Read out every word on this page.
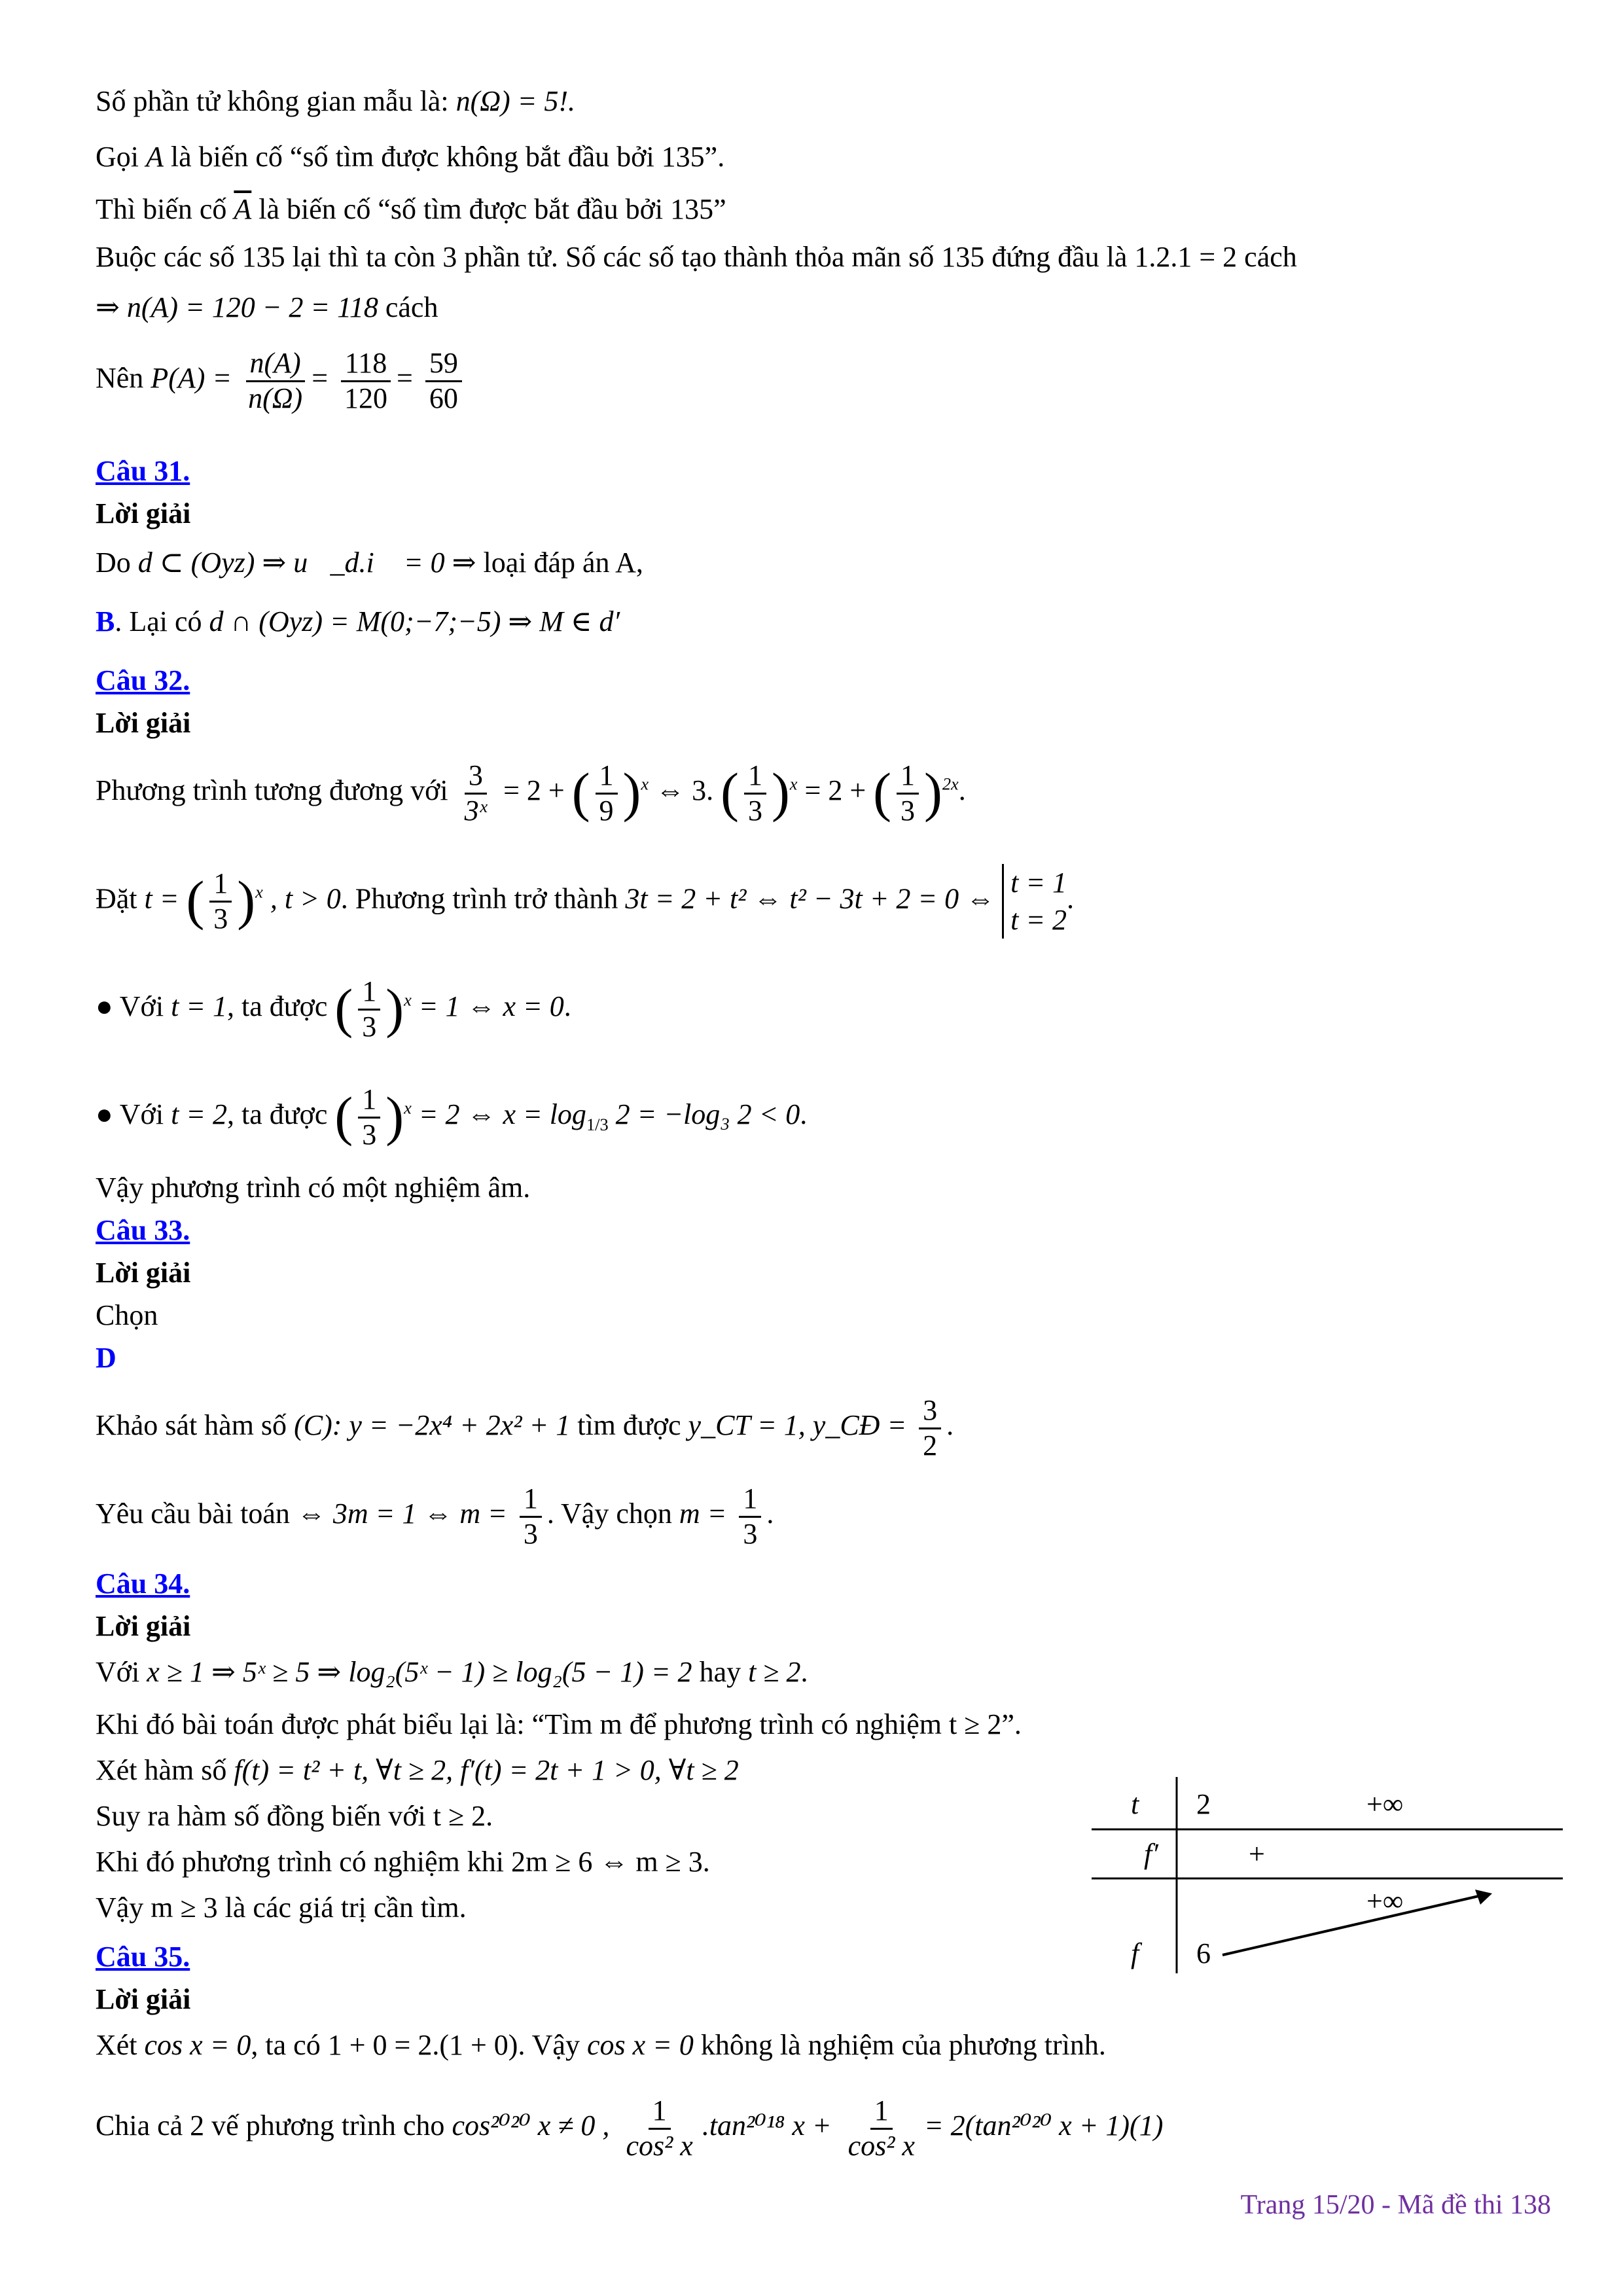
Số phần tử không gian mẫu là: n(Ω) = 5!.
Gọi A là biến cố “số tìm được không bắt đầu bởi 135”.
Thì biến cố $\overline{A}$ là biến cố “số tìm được bắt đầu bởi 135”
Buộc các số 135 lại thì ta còn 3 phần tử. Số các số tạo thành thỏa mãn số 135 đứng đầu là 1.2.1 = 2 cách
⇒ n(A) = 120 − 2 = 118 cách
Nên $P(A) = \frac{n(A)}{n(\Omega)} = \frac{118}{120} = \frac{59}{60}$
Câu 31.
Lời giải
Do d ⊂ (Oyz) ⇒ u⃗_d.i⃗ = 0 ⇒ loại đáp án A,
B. Lại có d ∩ (Oyz) = M(0;−7;−5) ⇒ M ∈ d′
Câu 32.
Lời giải
Phương trình tương đương với $\frac{3}{\text{3ˣ}} = 2$ + ( $\frac{1}{9} )^x$ ⇔ 3. ( $\frac{1}{3} )^x = 2$ + ( $\frac{1}{3} )^{2x}$.
Đặt t = ( $\frac{1}{3} )^x$ , t > 0. Phương trình trở thành 3t = 2 + t² ⇔ t² − 3t + 2 = 0 ⇔ t = 1
t = 2
.
● Với t = 1, ta được ( $\frac{1}{3} )^x = 1$ ⇔ x = 0.
● Với t = 2, ta được ( $\frac{1}{3} )^x = 2$ ⇔ $x = \log_{1/3} 2 = -\log_3$ 2 < 0.
Vậy phương trình có một nghiệm âm.
Câu 33.
Lời giải
Chọn
D
Khảo sát hàm số (C): y = −2x⁴ + 2x² + 1 tìm được y_CT = 1, y_CĐ = $\frac{3}{2}$ .
Yêu cầu bài toán ⇔ 3m = 1 ⇔ $m = \frac{1}{3}$ . Vậy chọn $m = \frac{1}{3}$ .
Câu 34.
Lời giải
Với x ≥ 1 ⇒ 5ˣ ≥ 5 ⇒ log₂(5ˣ − 1) ≥ log₂(5 − 1) = 2 hay t ≥ 2.
Khi đó bài toán được phát biểu lại là: “Tìm m để phương trình có nghiệm t ≥ 2”.
Xét hàm số f(t) = t² + t, ∀t ≥ 2, f′(t) = 2t + 1 > 0, ∀t ≥ 2
Suy ra hàm số đồng biến với t ≥ 2.
Khi đó phương trình có nghiệm khi 2m ≥ 6 ⇔ m ≥ 3.
Vậy m ≥ 3 là các giá trị cần tìm.
t 2	+∞
f′	+
f 6
+∞
Câu 35.
Lời giải
Xét cos x = 0, ta có 1 + 0 = 2.(1 + 0). Vậy cos x = 0 không là nghiệm của phương trình.
Chia cả 2 vế phương trình cho cos²⁰²⁰ x ≠ 0 , $\frac{1}{\text{cos² x}} .\tan^{2018}$ $x + \frac{1}{\text{cos² x}} = 2(\tan^{2020}$ x + 1)(1)
Trang 15/20 - Mã đề thi 138
